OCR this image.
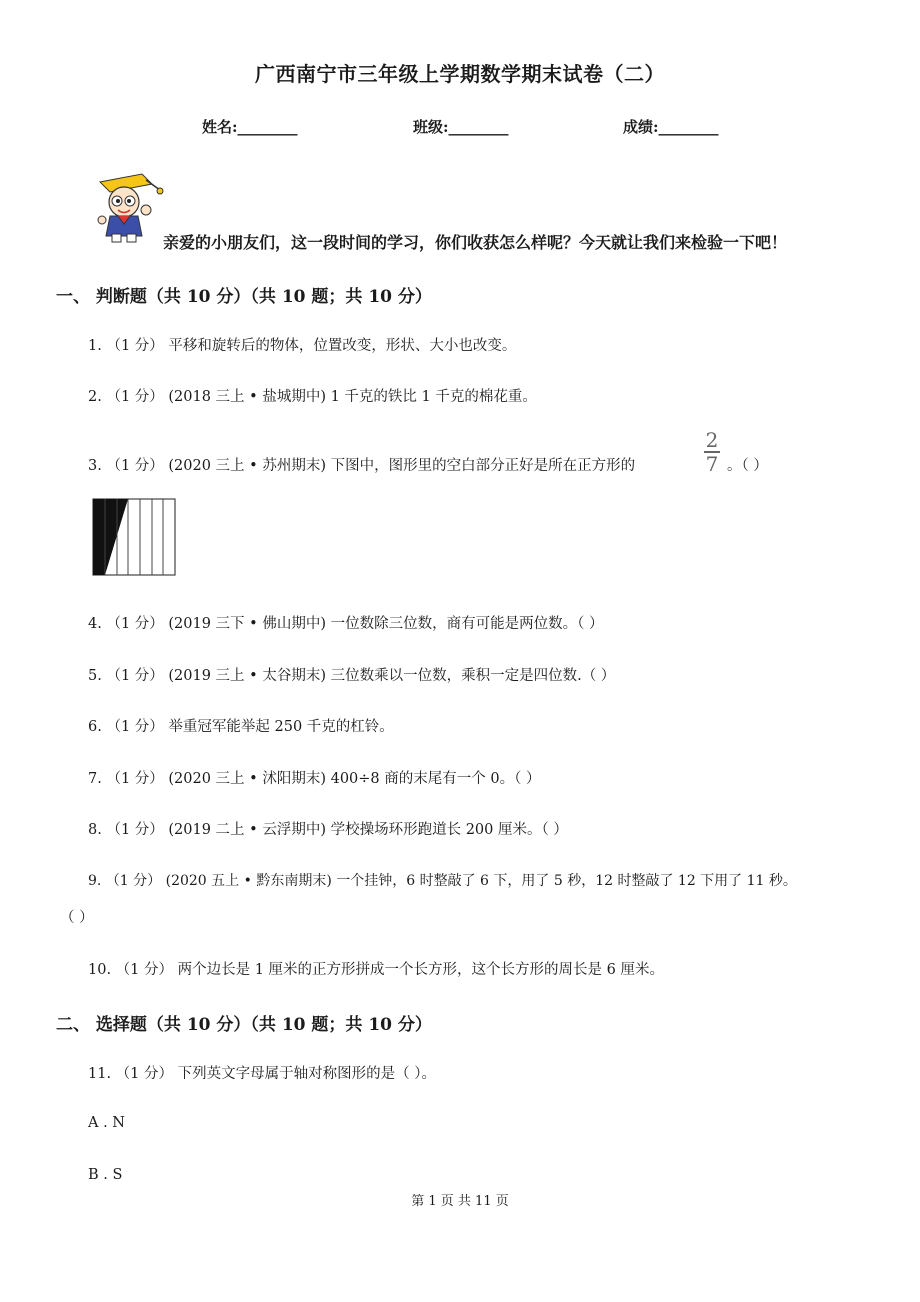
广西南宁市三年级上学期数学期末试卷（二）
姓名:________	班级:________	成绩:________
亲爱的小朋友们，这一段时间的学习，你们收获怎么样呢？今天就让我们来检验一下吧！
一、 判断题（共 10 分）（共 10 题；共 10 分）
1. （1 分） 平移和旋转后的物体，位置改变，形状、大小也改变。
2. （1 分） (2018 三上 • 盐城期中) 1 千克的铁比 1 千克的棉花重。
3. （1 分） (2020 三上 • 苏州期末) 下图中，图形里的空白部分正好是所在正方形的
2
7 。（ ）
4. （1 分） (2019 三下 • 佛山期中) 一位数除三位数，商有可能是两位数。（ ）
5. （1 分） (2019 三上 • 太谷期末) 三位数乘以一位数，乘积一定是四位数.（ ）
6. （1 分） 举重冠军能举起 250 千克的杠铃。
7. （1 分） (2020 三上 • 沭阳期末) 400÷8 商的末尾有一个 0。（ ）
8. （1 分） (2019 二上 • 云浮期中) 学校操场环形跑道长 200 厘米。（ ）
9. （1 分） (2020 五上 • 黔东南期末) 一个挂钟，6 时整敲了 6 下，用了 5 秒，12 时整敲了 12 下用了 11 秒。
（ ）
10. （1 分） 两个边长是 1 厘米的正方形拼成一个长方形，这个长方形的周长是 6 厘米。
二、 选择题（共 10 分）（共 10 题；共 10 分）
11. （1 分） 下列英文字母属于轴对称图形的是（ ）。
A . N
B . S
第 1 页 共 11 页
